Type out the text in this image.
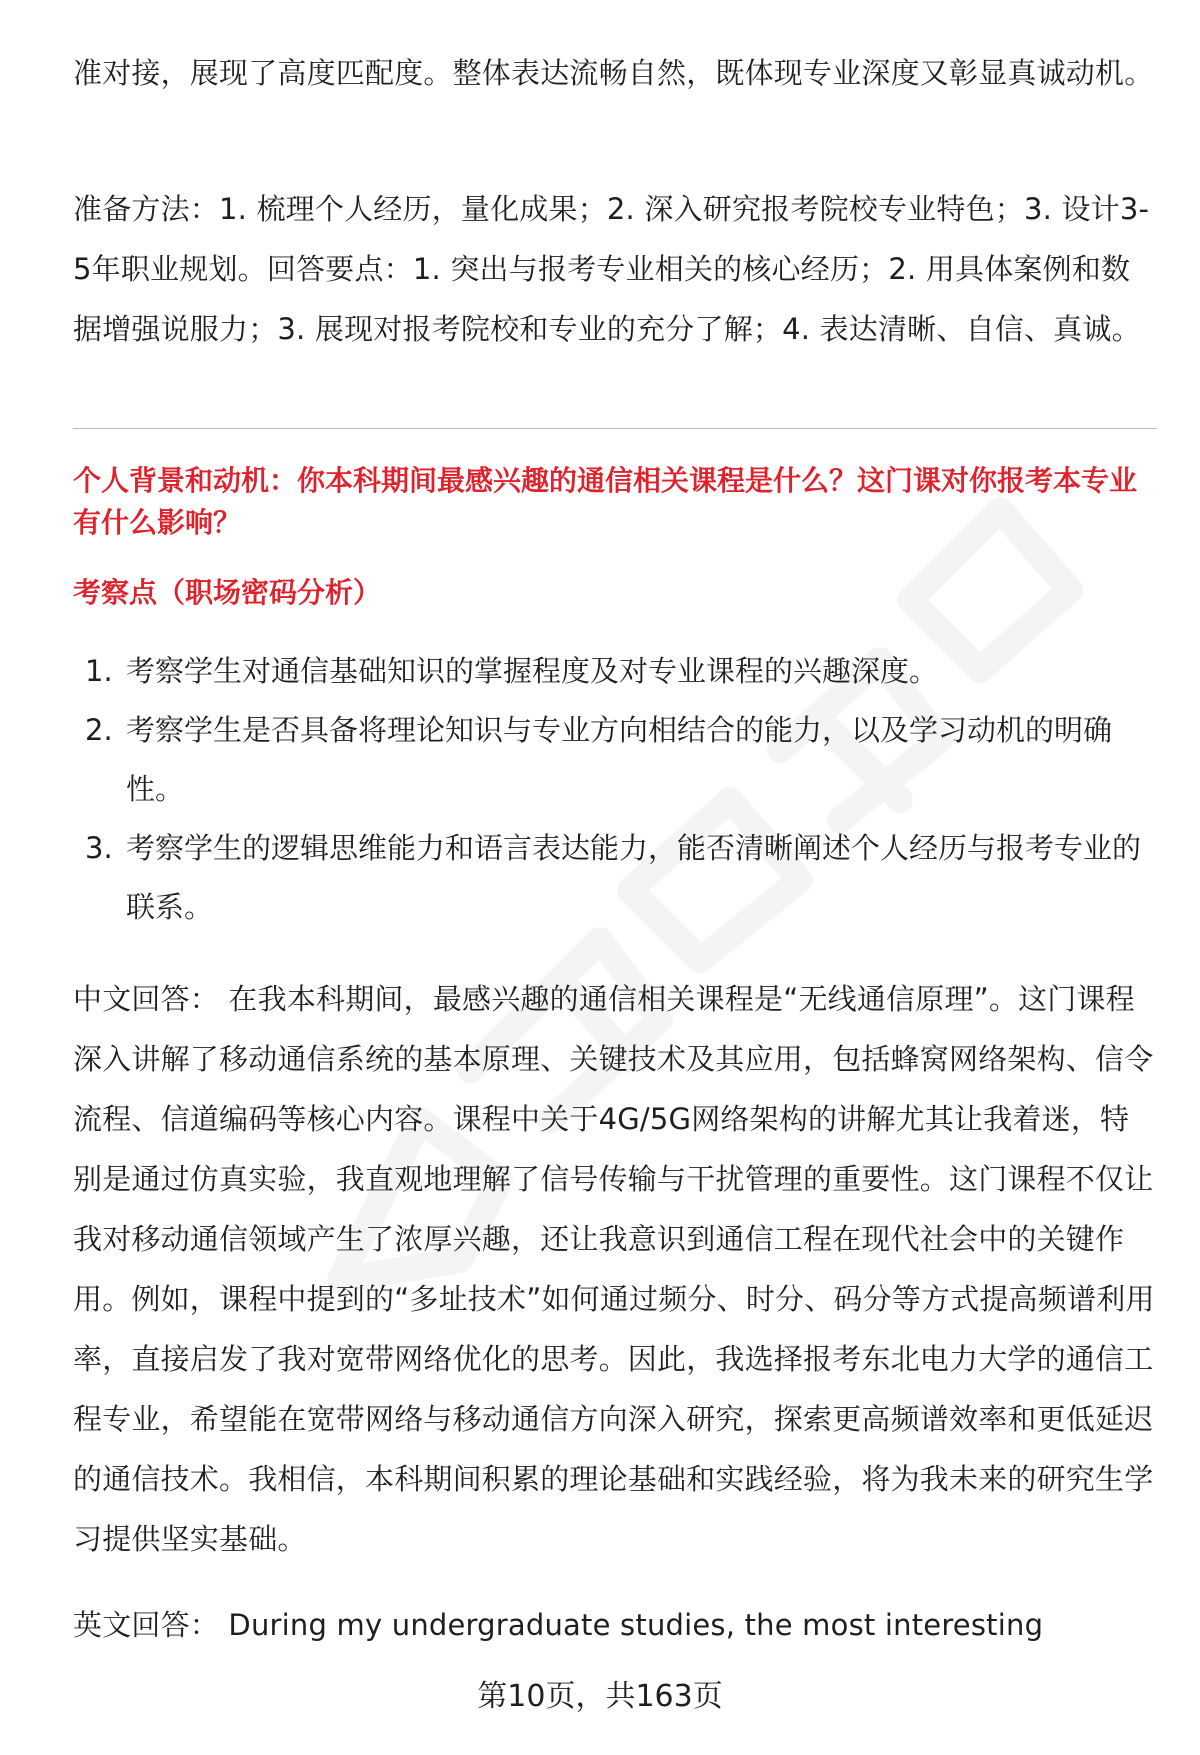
准对接，展现了高度匹配度。整体表达流畅自然，既体现专业深度又彰显真诚动机。

准备方法：1. 梳理个人经历，量化成果；2. 深入研究报考院校专业特色；3. 设计3-5年职业规划。回答要点：1. 突出与报考专业相关的核心经历；2. 用具体案例和数据增强说服力；3. 展现对报考院校和专业的充分了解；4. 表达清晰、自信、真诚。

个人背景和动机：你本科期间最感兴趣的通信相关课程是什么？这门课对你报考本专业有什么影响？

考察点（职场密码分析）

1. 考察学生对通信基础知识的掌握程度及对专业课程的兴趣深度。
2. 考察学生是否具备将理论知识与专业方向相结合的能力，以及学习动机的明确性。
3. 考察学生的逻辑思维能力和语言表达能力，能否清晰阐述个人经历与报考专业的联系。

中文回答： 在我本科期间，最感兴趣的通信相关课程是“无线通信原理”。这门课程深入讲解了移动通信系统的基本原理、关键技术及其应用，包括蜂窝网络架构、信令流程、信道编码等核心内容。课程中关于4G/5G网络架构的讲解尤其让我着迷，特别是通过仿真实验，我直观地理解了信号传输与干扰管理的重要性。这门课程不仅让我对移动通信领域产生了浓厚兴趣，还让我意识到通信工程在现代社会中的关键作用。例如，课程中提到的“多址技术”如何通过频分、时分、码分等方式提高频谱利用率，直接启发了我对宽带网络优化的思考。因此，我选择报考东北电力大学的通信工程专业，希望能在宽带网络与移动通信方向深入研究，探索更高频谱效率和更低延迟的通信技术。我相信，本科期间积累的理论基础和实践经验，将为我未来的研究生学习提供坚实基础。

英文回答： During my undergraduate studies, the most interesting

第10页，共163页
